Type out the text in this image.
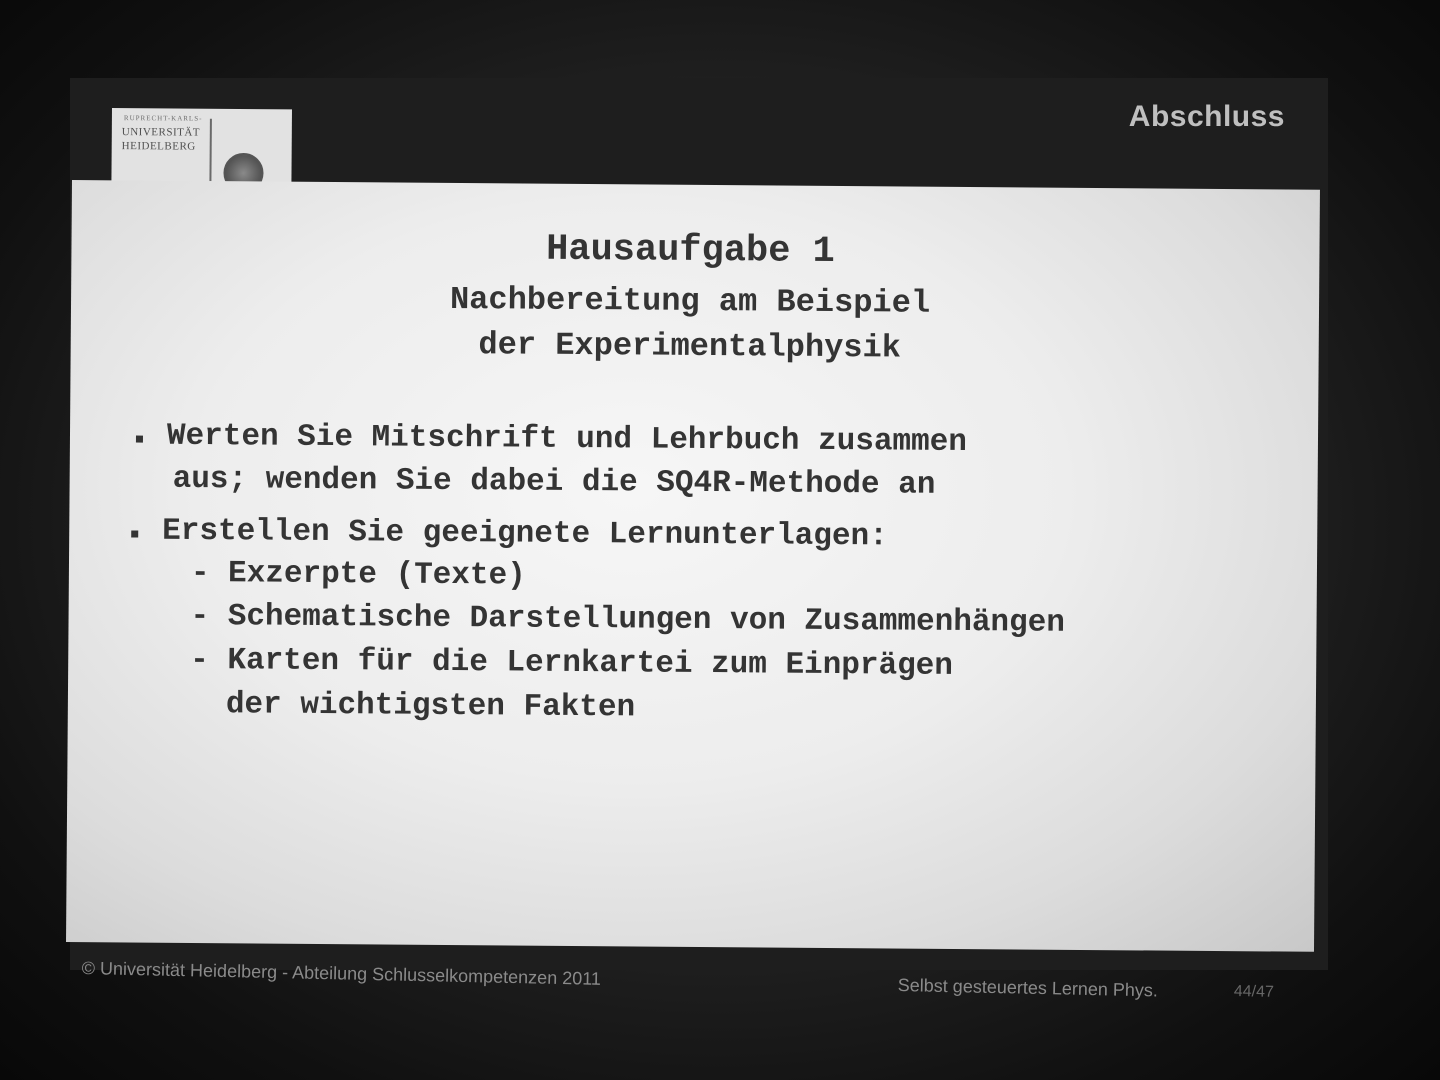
Abschluss
RUPRECHT-KARLS-
UNIVERSITÄT
HEIDELBERG
Hausaufgabe 1
Nachbereitung am Beispiel
der Experimentalphysik
Werten Sie Mitschrift und Lehrbuch zusammen
aus; wenden Sie dabei die SQ4R-Methode an
Erstellen Sie geeignete Lernunterlagen:
- Exzerpte (Texte)
- Schematische Darstellungen von Zusammenhängen
- Karten für die Lernkartei zum Einprägen
der wichtigsten Fakten
© Universität Heidelberg - Abteilung Schlusselkompetenzen 2011	Selbst gesteuertes Lernen Phys.	44/47
